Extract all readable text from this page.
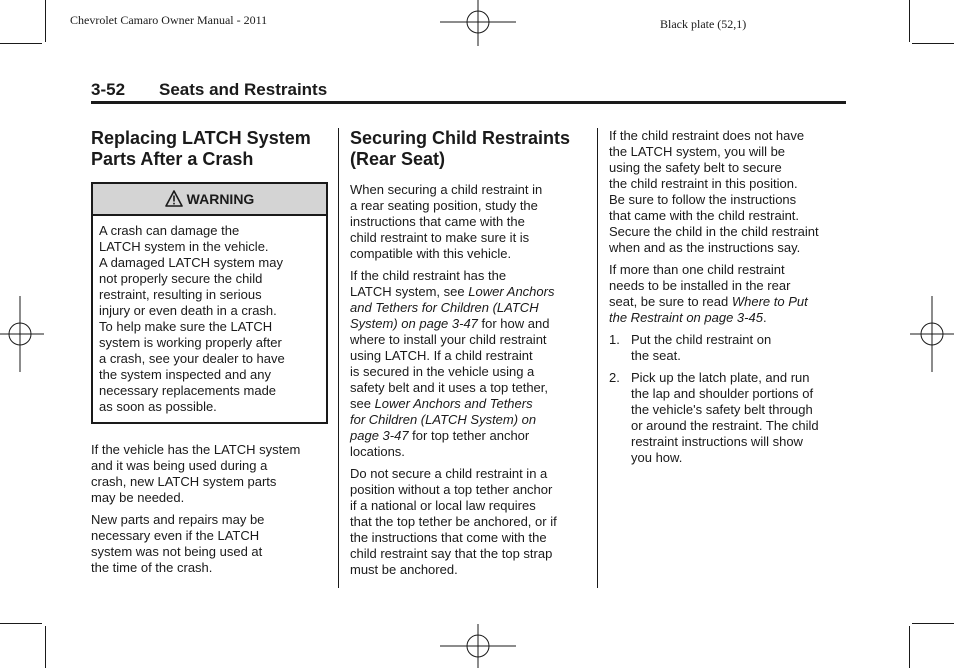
Chevrolet Camaro Owner Manual - 2011	Black plate (52,1)
3-52 Seats and Restraints
Replacing LATCH System
Parts After a Crash
WARNING

A crash can damage the

LATCH system in the vehicle.

A damaged LATCH system may

not properly secure the child

restraint, resulting in serious

injury or even death in a crash.

To help make sure the LATCH

system is working properly after

a crash, see your dealer to have

the system inspected and any

necessary replacements made

as soon as possible.

If the vehicle has the LATCH system

and it was being used during a

crash, new LATCH system parts

may be needed.

New parts and repairs may be

necessary even if the LATCH

system was not being used at

the time of the crash.

Securing Child Restraints
(Rear Seat)

When securing a child restraint in

a rear seating position, study the

instructions that came with the

child restraint to make sure it is

compatible with this vehicle.

If the child restraint has the

LATCH system, see Lower Anchors

and Tethers for Children (LATCH

System) on page 3-47 for how and

where to install your child restraint

using LATCH. If a child restraint

is secured in the vehicle using a

safety belt and it uses a top tether,

see Lower Anchors and Tethers

for Children (LATCH System) on

page 3-47 for top tether anchor

locations.

Do not secure a child restraint in a

position without a top tether anchor

if a national or local law requires

that the top tether be anchored, or if

the instructions that come with the

child restraint say that the top strap

must be anchored.

If the child restraint does not have

the LATCH system, you will be

using the safety belt to secure

the child restraint in this position.

Be sure to follow the instructions

that came with the child restraint.

Secure the child in the child restraint

when and as the instructions say.

If more than one child restraint

needs to be installed in the rear

seat, be sure to read Where to Put

the Restraint on page 3-45.

1. Put the child restraint on

the seat.

2. Pick up the latch plate, and run

the lap and shoulder portions of

the vehicle's safety belt through

or around the restraint. The child

restraint instructions will show

you how.
